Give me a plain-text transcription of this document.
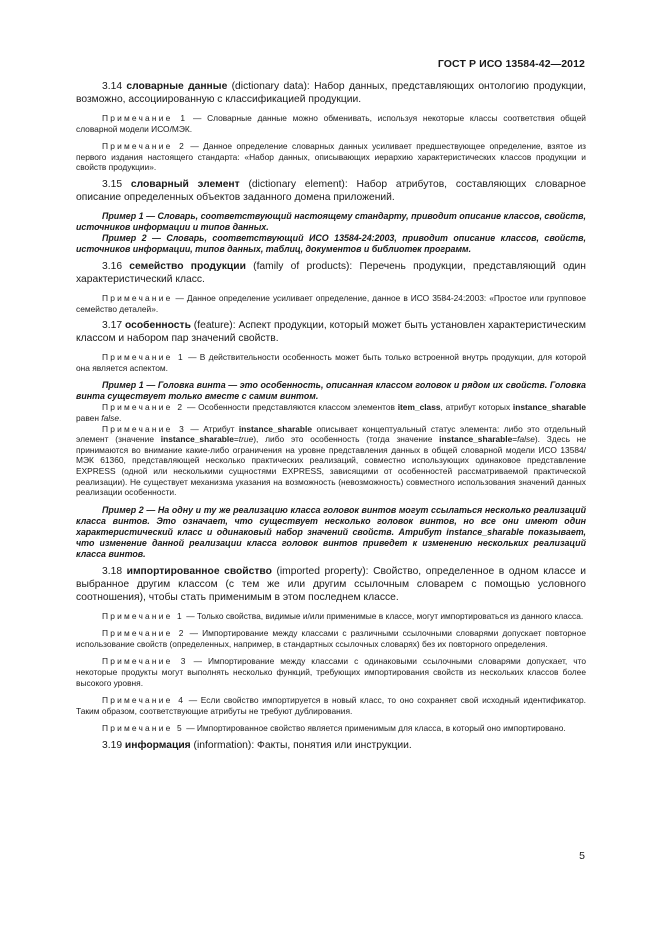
ГОСТ Р ИСО 13584-42—2012

3.14 словарные данные (dictionary data): Набор данных, представляющих онтологию продукции, возможно, ассоциированную с классификацией продукции.

Примечание 1 — Словарные данные можно обменивать, используя некоторые классы соответствия общей словарной модели ИСО/МЭК.

Примечание 2 — Данное определение словарных данных усиливает предшествующее определение, взятое из первого издания настоящего стандарта: «Набор данных, описывающих иерархию характеристических классов продукции и свойств продукции».

3.15 словарный элемент (dictionary element): Набор атрибутов, составляющих словарное описание определенных объектов заданного домена приложений.

Пример 1 — Словарь, соответствующий настоящему стандарту, приводит описание классов, свойств, источников информации и типов данных.

Пример 2 — Словарь, соответствующий ИСО 13584-24:2003, приводит описание классов, свойств, источников информации, типов данных, таблиц, документов и библиотек программ.

3.16 семейство продукции (family of products): Перечень продукции, представляющий один характеристический класс.

Примечание — Данное определение усиливает определение, данное в ИСО 3584-24:2003: «Простое или групповое семейство деталей».

3.17 особенность (feature): Аспект продукции, который может быть установлен характеристическим классом и набором пар значений свойств.

Примечание 1 — В действительности особенность может быть только встроенной внутрь продукции, для которой она является аспектом.

Пример 1 — Головка винта — это особенность, описанная классом головок и рядом их свойств. Головка винта существует только вместе с самим винтом.

Примечание 2 — Особенности представляются классом элементов item_class, атрибут которых instance_sharable равен false.

Примечание 3 — Атрибут instance_sharable описывает концептуальный статус элемента: либо это отдельный элемент (значение instance_sharable=true), либо это особенность (тогда значение instance_sharable=false). Здесь не принимаются во внимание какие-либо ограничения на уровне представления данных в общей словарной модели ИСО 13584/МЭК 61360, представляющей несколько практических реализаций, совместно использующих одинаковое представление EXPRESS (одной или несколькими сущностями EXPRESS, зависящими от особенностей рассматриваемой практической реализации). Не существует механизма указания на возможность (невозможность) совместного использования значений данных реализации особенности.

Пример 2 — На одну и ту же реализацию класса головок винтов могут ссылаться несколько реализаций класса винтов. Это означает, что существует несколько головок винтов, но все они имеют один характеристический класс и одинаковый набор значений свойств. Атрибут instance_sharable показывает, что изменение данной реализации класса головок винтов приведет к изменению нескольких реализаций класса винтов.

3.18 импортированное свойство (imported property): Свойство, определенное в одном классе и выбранное другим классом (с тем же или другим ссылочным словарем с помощью условного соотношения), чтобы стать применимым в этом последнем классе.

Примечание 1 — Только свойства, видимые и/или применимые в классе, могут импортироваться из данного класса.

Примечание 2 — Импортирование между классами с различными ссылочными словарями допускает повторное использование свойств (определенных, например, в стандартных ссылочных словарях) без их повторного определения.

Примечание 3 — Импортирование между классами с одинаковыми ссылочными словарями допускает, что некоторые продукты могут выполнять несколько функций, требующих импортирования свойств из нескольких классов более высокого уровня.

Примечание 4 — Если свойство импортируется в новый класс, то оно сохраняет свой исходный идентификатор. Таким образом, соответствующие атрибуты не требуют дублирования.

Примечание 5 — Импортированное свойство является применимым для класса, в который оно импортировано.

3.19 информация (information): Факты, понятия или инструкции.

5
